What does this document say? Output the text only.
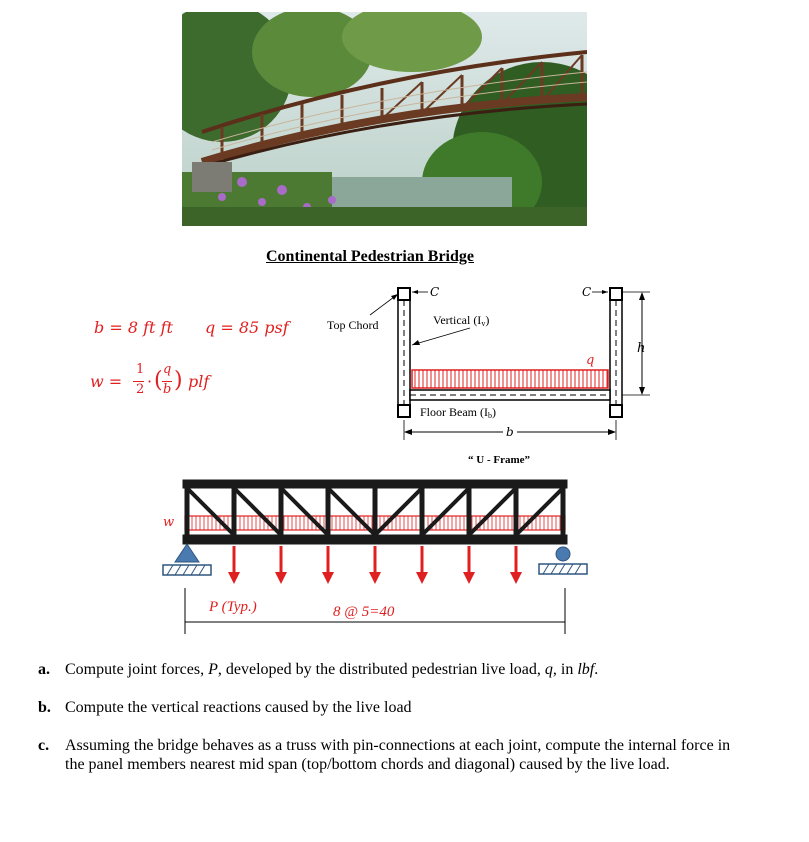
Continental Pedestrian Bridge
b = 8 ft ft q = 85 psf
w =
1
2 · ( q
b ) plf
h
b
C	C
Top Chord	Vertical (Iv)
q
Floor Beam (Ib)
“ U - Frame”
w
P (Typ.)	8 @ 5=40
a. Compute joint forces, P, developed by the distributed pedestrian live load, q, in lbf.
b. Compute the vertical reactions caused by the live load
c. Assuming the bridge behaves as a truss with pin-connections at each joint, compute the internal force in the panel members nearest mid span (top/bottom chords and diagonal) caused by the live load.
